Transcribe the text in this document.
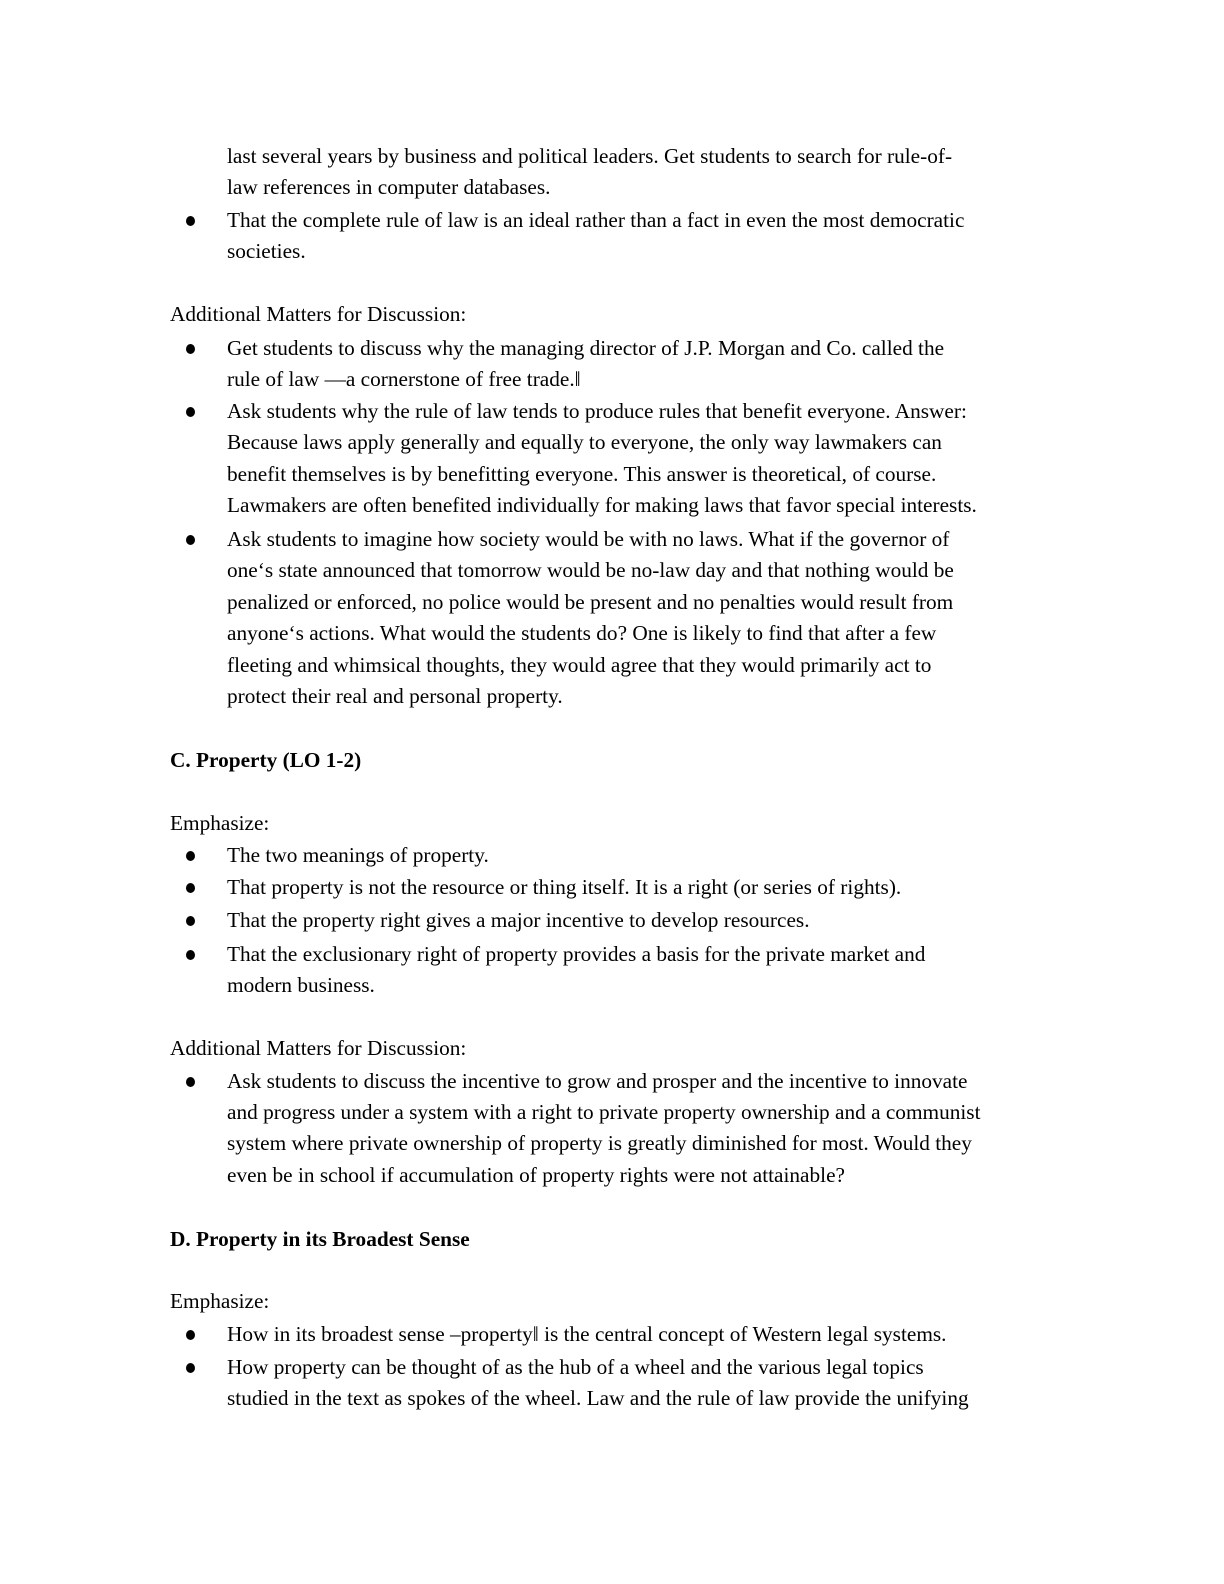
last several years by business and political leaders. Get students to search for rule-of-
law references in computer databases.
That the complete rule of law is an ideal rather than a fact in even the most democratic
societies.
Additional Matters for Discussion:
Get students to discuss why the managing director of J.P. Morgan and Co. called the
rule of law —a cornerstone of free trade.‖
Ask students why the rule of law tends to produce rules that benefit everyone. Answer:
Because laws apply generally and equally to everyone, the only way lawmakers can
benefit themselves is by benefitting everyone. This answer is theoretical, of course.
Lawmakers are often benefited individually for making laws that favor special interests.
Ask students to imagine how society would be with no laws. What if the governor of
one‘s state announced that tomorrow would be no-law day and that nothing would be
penalized or enforced, no police would be present and no penalties would result from
anyone‘s actions. What would the students do? One is likely to find that after a few
fleeting and whimsical thoughts, they would agree that they would primarily act to
protect their real and personal property.
C. Property (LO 1-2)
Emphasize:
The two meanings of property.
That property is not the resource or thing itself. It is a right (or series of rights).
That the property right gives a major incentive to develop resources.
That the exclusionary right of property provides a basis for the private market and
modern business.
Additional Matters for Discussion:
Ask students to discuss the incentive to grow and prosper and the incentive to innovate
and progress under a system with a right to private property ownership and a communist
system where private ownership of property is greatly diminished for most. Would they
even be in school if accumulation of property rights were not attainable?
D. Property in its Broadest Sense
Emphasize:
How in its broadest sense –property‖ is the central concept of Western legal systems.
How property can be thought of as the hub of a wheel and the various legal topics
studied in the text as spokes of the wheel. Law and the rule of law provide the unifying
